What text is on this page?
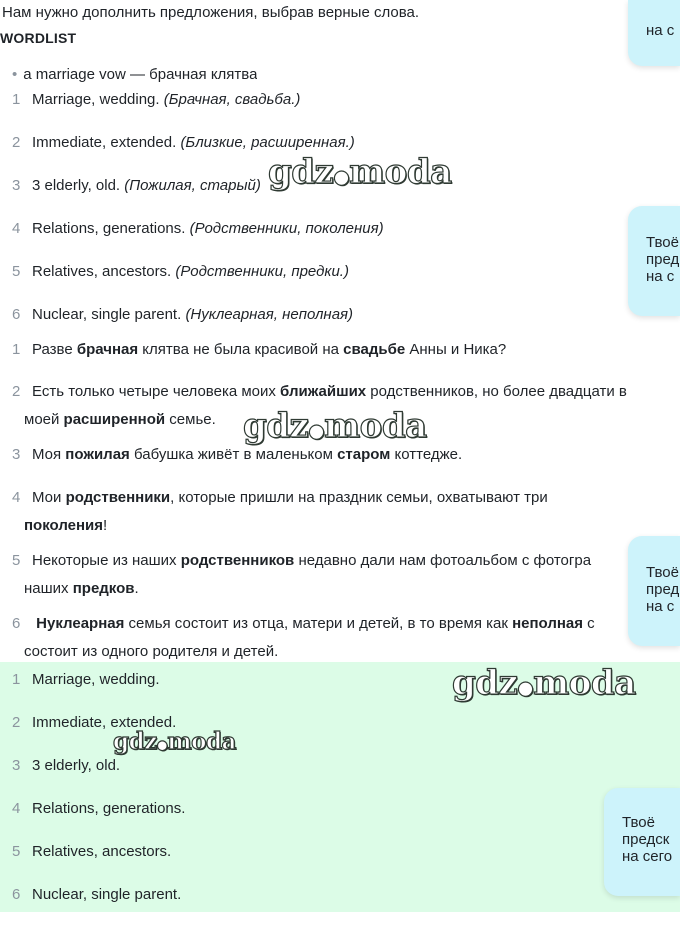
Нам нужно дополнить предложения, выбрав верные слова.
WORDLIST
• a marriage vow — брачная клятва
1 Marriage, wedding. (Брачная, свадьба.)
2 Immediate, extended. (Близкие, расширенная.)
3 3 elderly, old. (Пожилая, старый)
4 Relations, generations. (Родственники, поколения)
5 Relatives, ancestors. (Родственники, предки.)
6 Nuclear, single parent. (Нуклеарная, неполная)
1 Разве брачная клятва не была красивой на свадьбе Анны и Ника?
2 Есть только четыре человека моих ближайших родственников, но более двадцати в
моей расширенной семье.
3 Моя пожилая бабушка живёт в маленьком старом коттедже.
4 Мои родственники, которые пришли на праздник семьи, охватывают три
поколения!
5 Некоторые из наших родственников недавно дали нам фотоальбом с фотогра
наших предков.
6 Нуклеарная семья состоит из отца, матери и детей, в то время как неполная с
состоит из одного родителя и детей.
1 Marriage, wedding.
2 Immediate, extended.
3 3 elderly, old.
4 Relations, generations.
5 Relatives, ancestors.
6 Nuclear, single parent.
gdz●moda
gdz●moda
gdz●moda
gdz●moda
на с
Твоё
пред
на с
Твоё
пред
на с
Твоё
предск
на сего
